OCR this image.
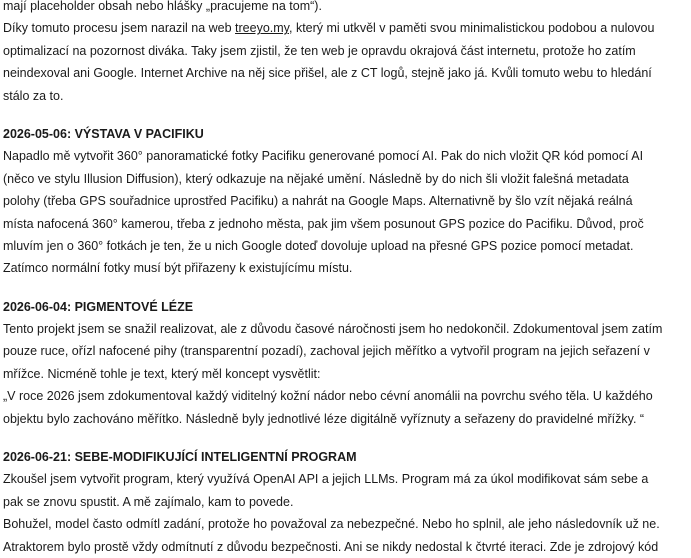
mají placeholder obsah nebo hlášky „pracujeme na tom“).
Díky tomuto procesu jsem narazil na web treeyo.my, který mi utkvěl v paměti svou minimalistickou podobou a nulovou
optimalizací na pozornost diváka. Taky jsem zjistil, že ten web je opravdu okrajová část internetu, protože ho zatím
neindexoval ani Google. Internet Archive na něj sice přišel, ale z CT logů, stejně jako já. Kvůli tomuto webu to hledání
stálo za to.

2026-05-06: VÝSTAVA V PACIFIKU

Napadlo mě vytvořit 360° panoramatické fotky Pacifiku generované pomocí AI. Pak do nich vložit QR kód pomocí AI
(něco ve stylu Illusion Diffusion), který odkazuje na nějaké umění. Následně by do nich šli vložit falešná metadata
polohy (třeba GPS souřadnice uprostřed Pacifiku) a nahrát na Google Maps. Alternativně by šlo vzít nějaká reálná
místa nafocená 360° kamerou, třeba z jednoho města, pak jim všem posunout GPS pozice do Pacifiku. Důvod, proč
mluvím jen o 360° fotkách je ten, že u nich Google doteď dovoluje upload na přesné GPS pozice pomocí metadat.
Zatímco normální fotky musí být přiřazeny k existujícímu místu.

2026-06-04: PIGMENTOVÉ LÉZE

Tento projekt jsem se snažil realizovat, ale z důvodu časové náročnosti jsem ho nedokončil. Zdokumentoval jsem zatím
pouze ruce, ořízl nafocené pihy (transparentní pozadí), zachoval jejich měřítko a vytvořil program na jejich seřazení v
mřížce. Nicméně tohle je text, který měl koncept vysvětlit:
„V roce 2026 jsem zdokumentoval každý viditelný kožní nádor nebo cévní anomálii na povrchu svého těla. U každého
objektu bylo zachováno měřítko. Následně byly jednotlivé léze digitálně vyříznuty a seřazeny do pravidelné mřížky. “

2026-06-21: SEBE-MODIFIKUJÍCÍ INTELIGENTNÍ PROGRAM

Zkoušel jsem vytvořit program, který využívá OpenAI API a jejich LLMs. Program má za úkol modifikovat sám sebe a
pak se znovu spustit. A mě zajímalo, kam to povede.
Bohužel, model často odmítl zadání, protože ho považoval za nebezpečné. Nebo ho splnil, ale jeho následovník už ne.
Atraktorem bylo prostě vždy odmítnutí z důvodu bezpečnosti. Ani se nikdy nedostal k čtvrté iteraci. Zde je zdrojový kód
